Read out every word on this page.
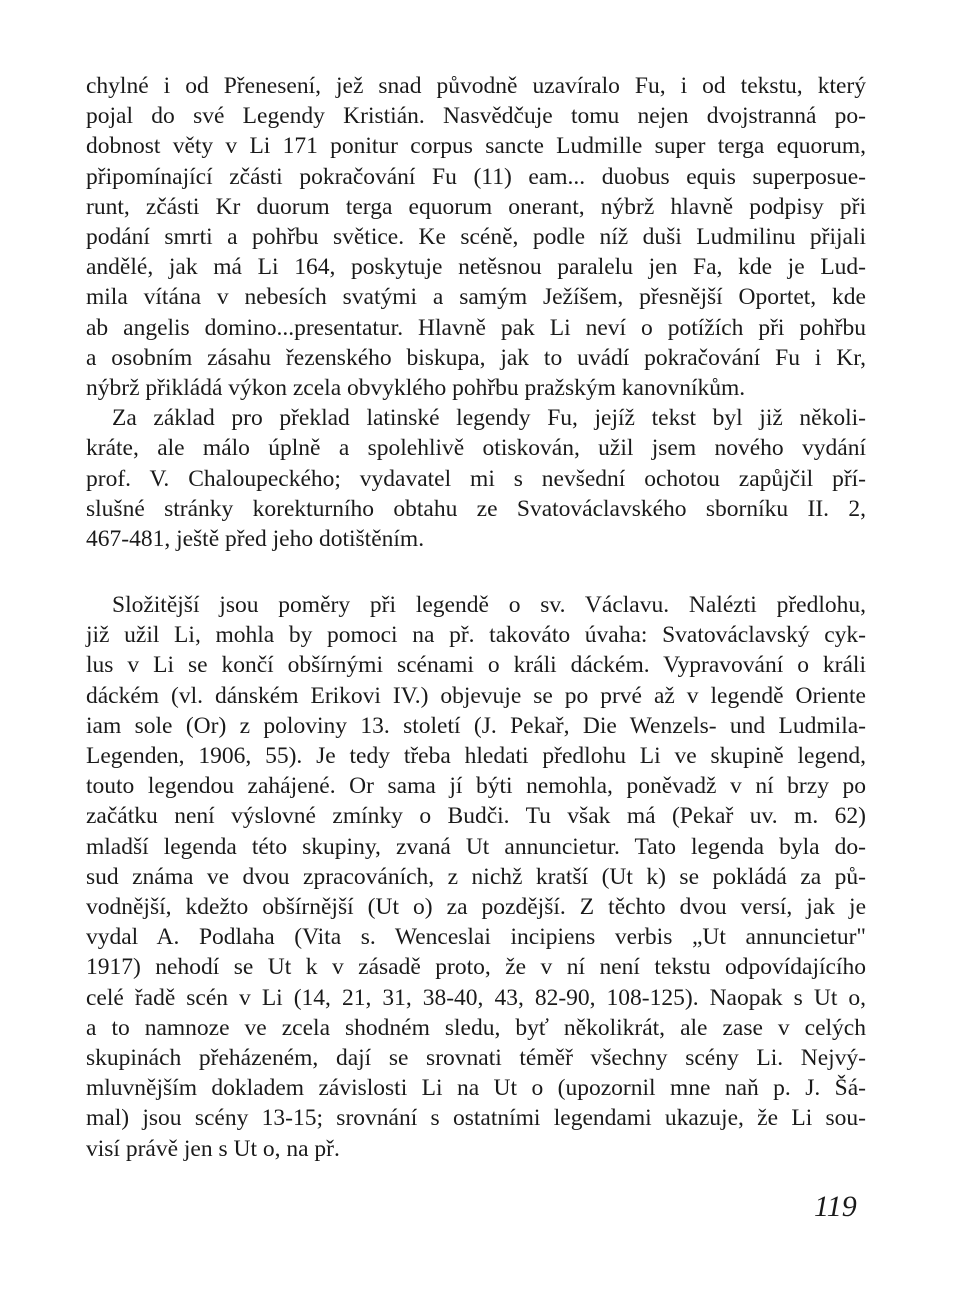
chylné i od Přenesení, jež snad původně uzavíralo Fu, i od tekstu, který
pojal do své Legendy Kristián. Nasvědčuje tomu nejen dvojstranná po-
dobnost věty v Li 171 ponitur corpus sancte Ludmille super terga equorum,
připomínající zčásti pokračování Fu (11) eam... duobus equis superposue-
runt, zčásti Kr duorum terga equorum onerant, nýbrž hlavně podpisy při
podání smrti a pohřbu světice. Ke scéně, podle níž duši Ludmilinu přijali
andělé, jak má Li 164, poskytuje netěsnou paralelu jen Fa, kde je Lud-
mila vítána v nebesích svatými a samým Ježíšem, přesnější Oportet, kde
ab angelis domino...presentatur. Hlavně pak Li neví o potížích při pohřbu
a osobním zásahu řezenského biskupa, jak to uvádí pokračování Fu i Kr,
nýbrž přikládá výkon zcela obvyklého pohřbu pražským kanovníkům.
Za základ pro překlad latinské legendy Fu, jejíž tekst byl již několi-
kráte, ale málo úplně a spolehlivě otiskován, užil jsem nového vydání
prof. V. Chaloupeckého; vydavatel mi s nevšední ochotou zapůjčil pří-
slušné stránky korekturního obtahu ze Svatováclavského sborníku II. 2,
467-481, ještě před jeho dotištěním.
Složitější jsou poměry při legendě o sv. Václavu. Nalézti předlohu,
již užil Li, mohla by pomoci na př. takováto úvaha: Svatováclavský cyk-
lus v Li se končí obšírnými scénami o králi dáckém. Vypravování o králi
dáckém (vl. dánském Erikovi IV.) objevuje se po prvé až v legendě Oriente
iam sole (Or) z poloviny 13. století (J. Pekař, Die Wenzels- und Ludmila-
Legenden, 1906, 55). Je tedy třeba hledati předlohu Li ve skupině legend,
touto legendou zahájené. Or sama jí býti nemohla, poněvadž v ní brzy po
začátku není výslovné zmínky o Budči. Tu však má (Pekař uv. m. 62)
mladší legenda této skupiny, zvaná Ut annuncietur. Tato legenda byla do-
sud známa ve dvou zpracováních, z nichž kratší (Ut k) se pokládá za pů-
vodnější, kdežto obšírnější (Ut o) za pozdější. Z těchto dvou versí, jak je
vydal A. Podlaha (Vita s. Wenceslai incipiens verbis „Ut annuncietur"
1917) nehodí se Ut k v zásadě proto, že v ní není tekstu odpovídajícího
celé řadě scén v Li (14, 21, 31, 38-40, 43, 82-90, 108-125). Naopak s Ut o,
a to namnoze ve zcela shodném sledu, byť několikrát, ale zase v celých
skupinách přeházeném, dají se srovnati téměř všechny scény Li. Nejvý-
mluvnějším dokladem závislosti Li na Ut o (upozornil mne naň p. J. Šá-
mal) jsou scény 13-15; srovnání s ostatními legendami ukazuje, že Li sou-
visí právě jen s Ut o, na př.
119
